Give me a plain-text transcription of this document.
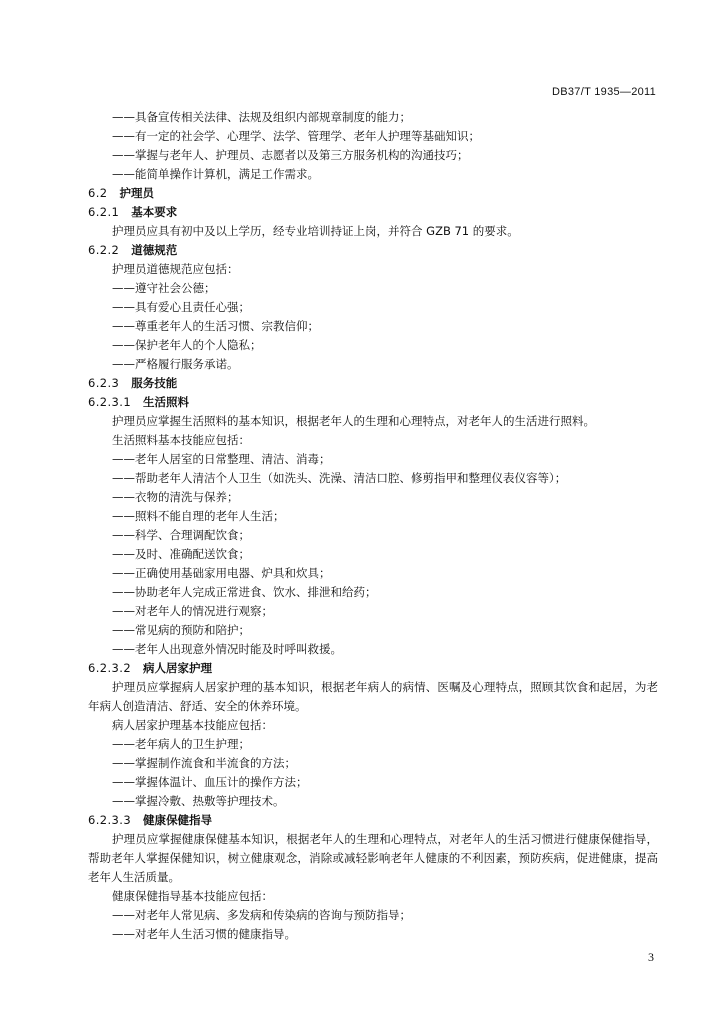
DB37/T 1935—2011
——具备宣传相关法律、法规及组织内部规章制度的能力；
——有一定的社会学、心理学、法学、管理学、老年人护理等基础知识；
——掌握与老年人、护理员、志愿者以及第三方服务机构的沟通技巧；
——能简单操作计算机，满足工作需求。
6.2 护理员
6.2.1 基本要求
护理员应具有初中及以上学历，经专业培训持证上岗，并符合 GZB 71 的要求。
6.2.2 道德规范
护理员道德规范应包括：
——遵守社会公德；
——具有爱心且责任心强；
——尊重老年人的生活习惯、宗教信仰；
——保护老年人的个人隐私；
——严格履行服务承诺。
6.2.3 服务技能
6.2.3.1 生活照料
护理员应掌握生活照料的基本知识，根据老年人的生理和心理特点，对老年人的生活进行照料。
生活照料基本技能应包括：
——老年人居室的日常整理、清洁、消毒；
——帮助老年人清洁个人卫生（如洗头、洗澡、清洁口腔、修剪指甲和整理仪表仪容等）；
——衣物的清洗与保养；
——照料不能自理的老年人生活；
——科学、合理调配饮食；
——及时、准确配送饮食；
——正确使用基础家用电器、炉具和炊具；
——协助老年人完成正常进食、饮水、排泄和给药；
——对老年人的情况进行观察；
——常见病的预防和陪护；
——老年人出现意外情况时能及时呼叫救援。
6.2.3.2 病人居家护理
护理员应掌握病人居家护理的基本知识，根据老年病人的病情、医嘱及心理特点，照顾其饮食和起居，为老年病人创造清洁、舒适、安全的休养环境。
病人居家护理基本技能应包括：
——老年病人的卫生护理；
——掌握制作流食和半流食的方法；
——掌握体温计、血压计的操作方法；
——掌握冷敷、热敷等护理技术。
6.2.3.3 健康保健指导
护理员应掌握健康保健基本知识，根据老年人的生理和心理特点，对老年人的生活习惯进行健康保健指导，帮助老年人掌握保健知识，树立健康观念，消除或减轻影响老年人健康的不利因素，预防疾病，促进健康，提高老年人生活质量。
健康保健指导基本技能应包括：
——对老年人常见病、多发病和传染病的咨询与预防指导；
——对老年人生活习惯的健康指导。
3
